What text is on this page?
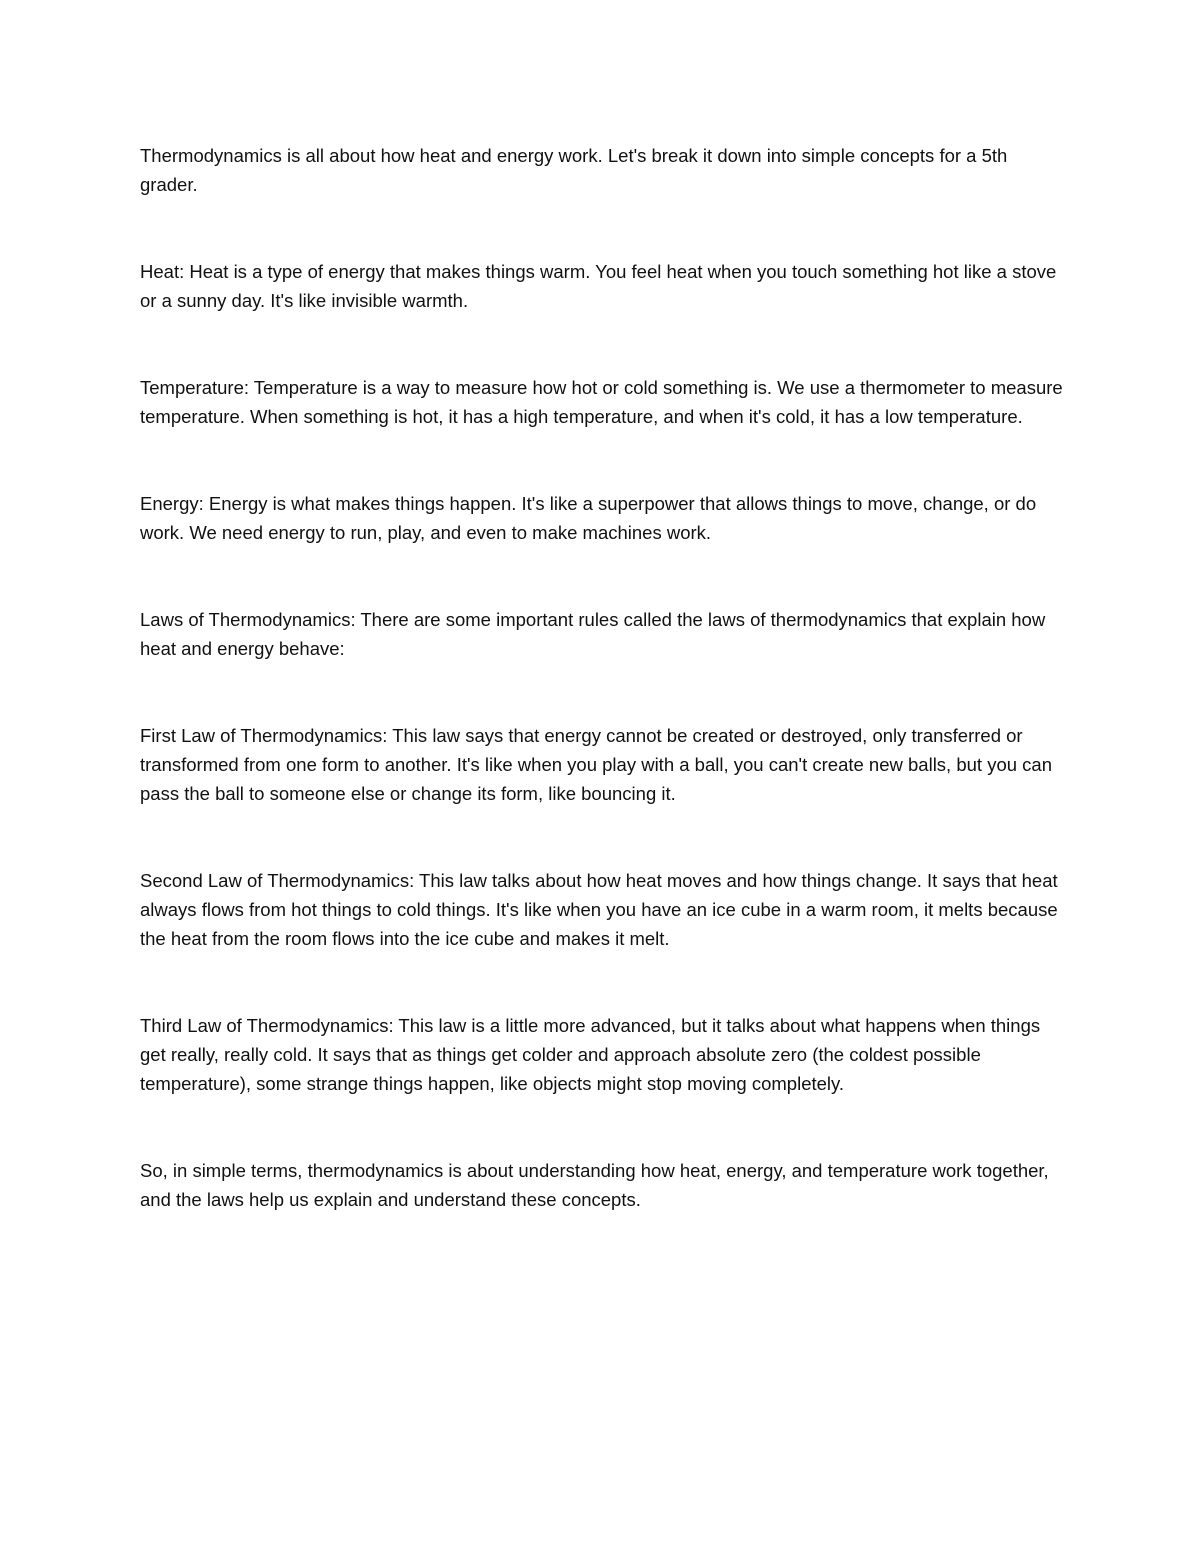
Thermodynamics is all about how heat and energy work. Let's break it down into simple concepts for a 5th grader.

Heat: Heat is a type of energy that makes things warm. You feel heat when you touch something hot like a stove or a sunny day. It's like invisible warmth.

Temperature: Temperature is a way to measure how hot or cold something is. We use a thermometer to measure temperature. When something is hot, it has a high temperature, and when it's cold, it has a low temperature.

Energy: Energy is what makes things happen. It's like a superpower that allows things to move, change, or do work. We need energy to run, play, and even to make machines work.

Laws of Thermodynamics: There are some important rules called the laws of thermodynamics that explain how heat and energy behave:

First Law of Thermodynamics: This law says that energy cannot be created or destroyed, only transferred or transformed from one form to another. It's like when you play with a ball, you can't create new balls, but you can pass the ball to someone else or change its form, like bouncing it.

Second Law of Thermodynamics: This law talks about how heat moves and how things change. It says that heat always flows from hot things to cold things. It's like when you have an ice cube in a warm room, it melts because the heat from the room flows into the ice cube and makes it melt.

Third Law of Thermodynamics: This law is a little more advanced, but it talks about what happens when things get really, really cold. It says that as things get colder and approach absolute zero (the coldest possible temperature), some strange things happen, like objects might stop moving completely.

So, in simple terms, thermodynamics is about understanding how heat, energy, and temperature work together, and the laws help us explain and understand these concepts.
